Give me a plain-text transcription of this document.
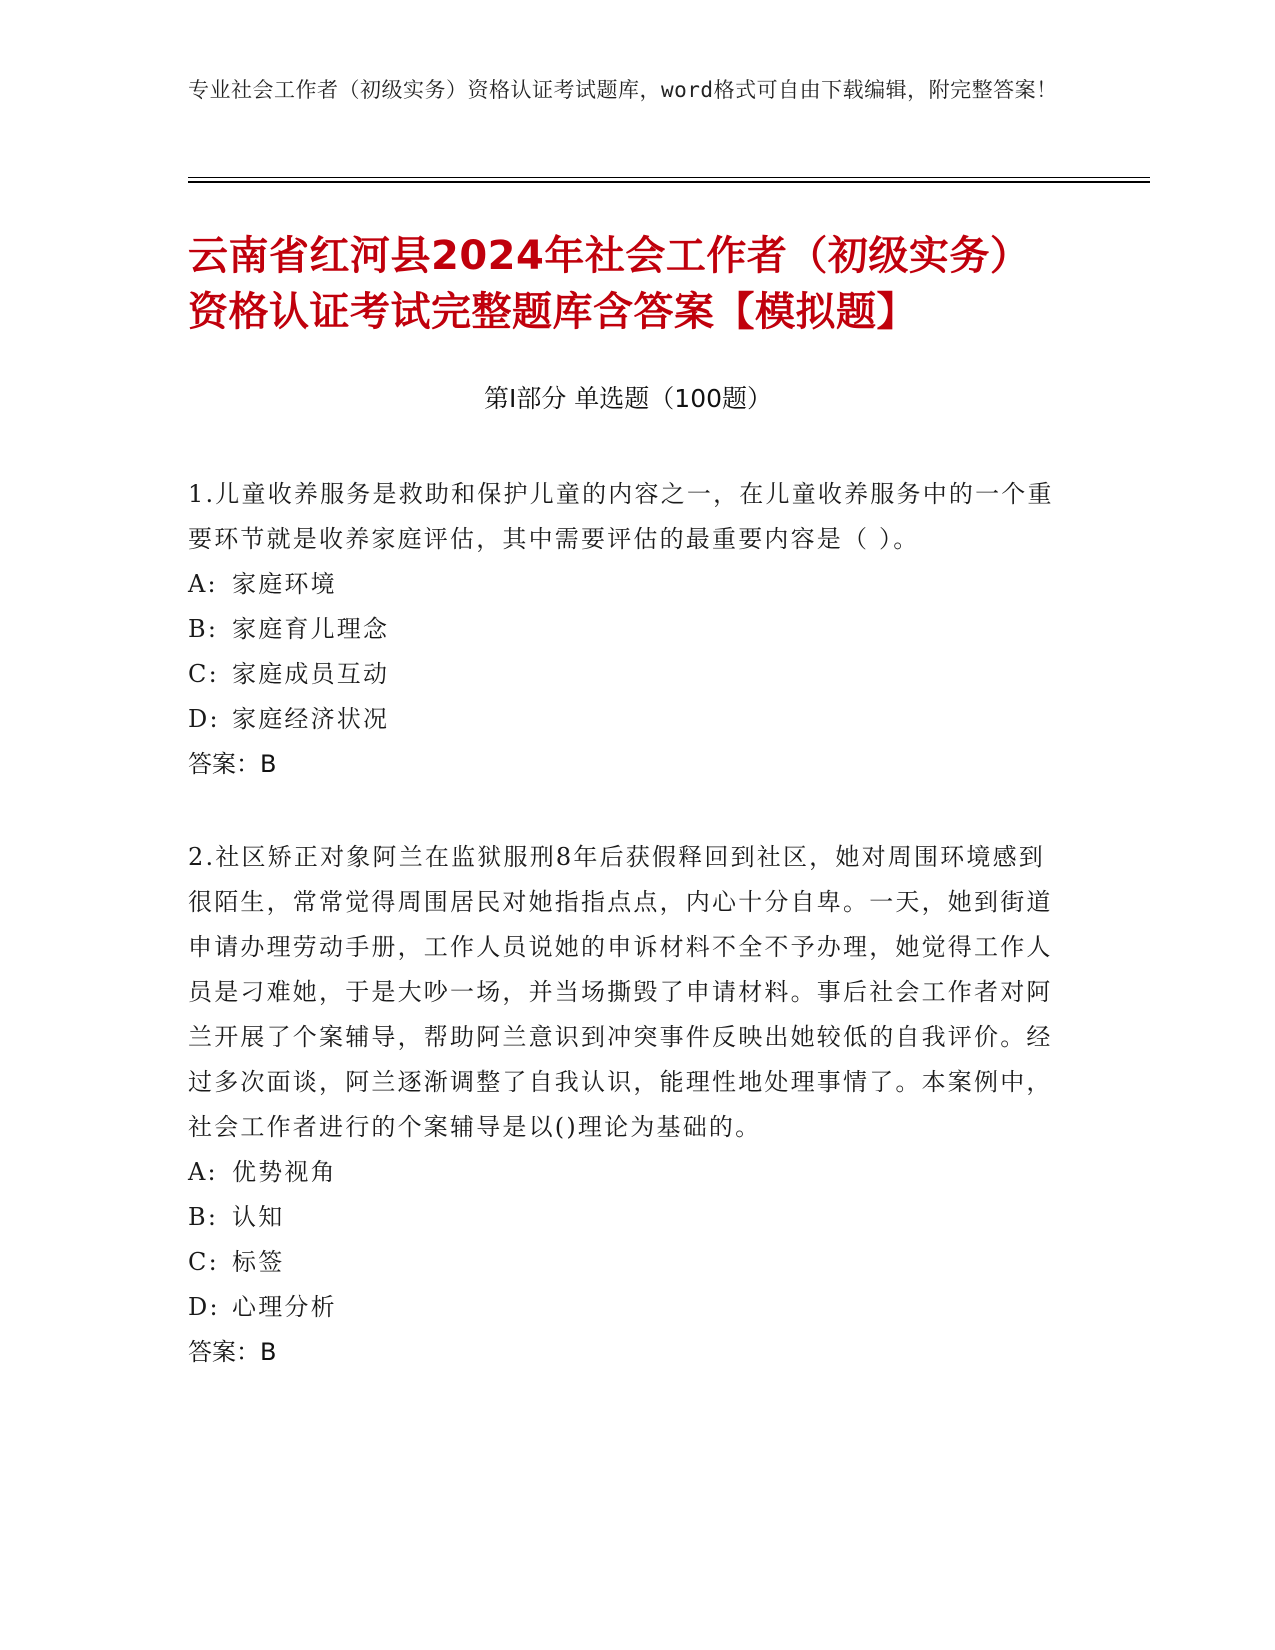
专业社会工作者（初级实务）资格认证考试题库，word格式可自由下载编辑，附完整答案！
云南省红河县2024年社会工作者（初级实务）资格认证考试完整题库含答案【模拟题】
第I部分 单选题（100题）
1.儿童收养服务是救助和保护儿童的内容之一，在儿童收养服务中的一个重要环节就是收养家庭评估，其中需要评估的最重要内容是（ ）。
A: 家庭环境
B: 家庭育儿理念
C: 家庭成员互动
D: 家庭经济状况
答案：B
2.社区矫正对象阿兰在监狱服刑8年后获假释回到社区，她对周围环境感到很陌生，常常觉得周围居民对她指指点点，内心十分自卑。一天，她到街道申请办理劳动手册，工作人员说她的申诉材料不全不予办理，她觉得工作人员是刁难她，于是大吵一场，并当场撕毁了申请材料。事后社会工作者对阿兰开展了个案辅导，帮助阿兰意识到冲突事件反映出她较低的自我评价。经过多次面谈，阿兰逐渐调整了自我认识，能理性地处理事情了。本案例中，社会工作者进行的个案辅导是以()理论为基础的。
A: 优势视角
B: 认知
C: 标签
D: 心理分析
答案：B
